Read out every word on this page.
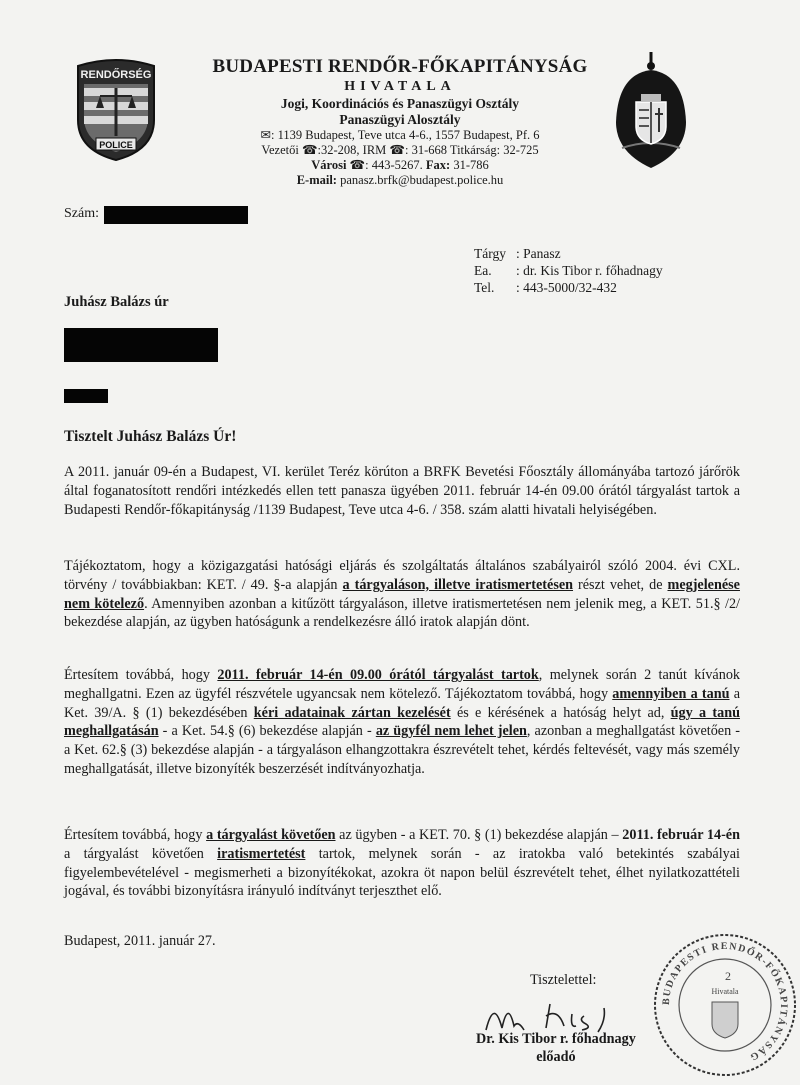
RENDŐRSÉG
POLICE
BUDAPESTI RENDŐR-FŐKAPITÁNYSÁG
HIVATALA
Jogi, Koordinációs és Panaszügyi Osztály
Panaszügyi Alosztály
✉: 1139 Budapest, Teve utca 4-6., 1557 Budapest, Pf. 6
Vezetői ☎:32-208, IRM ☎: 31-668 Titkárság: 32-725
Városi ☎: 443-5267. Fax: 31-786
E-mail: panasz.brfk@budapest.police.hu
Szám:
Tárgy : Panasz
Ea.	: dr. Kis Tibor r. főhadnagy
Tel.	: 443-5000/32-432
Juhász Balázs úr
Tisztelt Juhász Balázs Úr!
A 2011. január 09-én a Budapest, VI. kerület Teréz körúton a BRFK Bevetési Főosztály állományába tartozó járőrök által foganatosított rendőri intézkedés ellen tett panasza ügyében 2011. február 14-én 09.00 órától tárgyalást tartok a Budapesti Rendőr-főkapitányság /1139 Budapest, Teve utca 4-6. / 358. szám alatti hivatali helyiségében.
Tájékoztatom, hogy a közigazgatási hatósági eljárás és szolgáltatás általános szabályairól szóló 2004. évi CXL. törvény / továbbiakban: KET. / 49. §-a alapján a tárgyaláson, illetve iratismertetésen részt vehet, de megjelenése nem kötelező. Amennyiben azonban a kitűzött tárgyaláson, illetve iratismertetésen nem jelenik meg, a KET. 51.§ /2/ bekezdése alapján, az ügyben hatóságunk a rendelkezésre álló iratok alapján dönt.
Értesítem továbbá, hogy 2011. február 14-én 09.00 órától tárgyalást tartok, melynek során 2 tanút kívánok meghallgatni. Ezen az ügyfél részvétele ugyancsak nem kötelező. Tájékoztatom továbbá, hogy amennyiben a tanú a Ket. 39/A. § (1) bekezdésében kéri adatainak zártan kezelését és e kérésének a hatóság helyt ad, úgy a tanú meghallgatásán - a Ket. 54.§ (6) bekezdése alapján - az ügyfél nem lehet jelen, azonban a meghallgatást követően - a Ket. 62.§ (3) bekezdése alapján - a tárgyaláson elhangzottakra észrevételt tehet, kérdés feltevését, vagy más személy meghallgatását, illetve bizonyíték beszerzését indítványozhatja.
Értesítem továbbá, hogy a tárgyalást követően az ügyben - a KET. 70. § (1) bekezdése alapján – 2011. február 14-én a tárgyalást követően iratismertetést tartok, melynek során - az iratokba való betekintés szabályai figyelembevételével - megismerheti a bizonyítékokat, azokra öt napon belül észrevételt tehet, élhet nyilatkozattételi jogával, és további bizonyításra irányuló indítványt terjeszthet elő.
Budapest, 2011. január 27.
Tisztelettel:
Dr. Kis Tibor r. főhadnagy
előadó
BUDAPESTI RENDŐR-FŐKAPITÁNYSÁG
2
Hivatala
